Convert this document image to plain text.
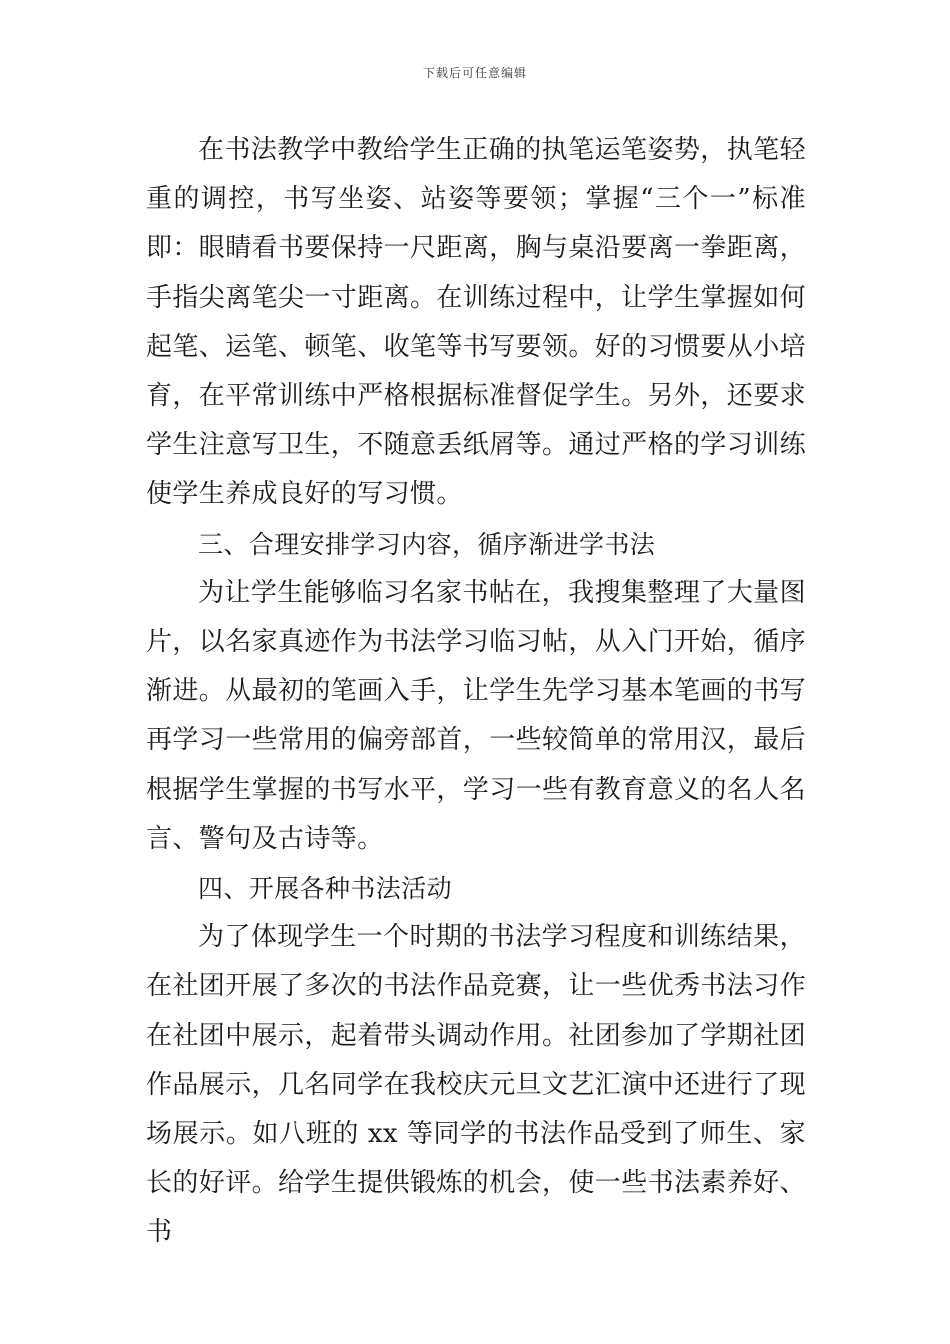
下载后可任意编辑

在书法教学中教给学生正确的执笔运笔姿势，执笔轻重的调控，书写坐姿、站姿等要领；掌握“三个一”标准即：眼睛看书要保持一尺距离，胸与桌沿要离一拳距离，手指尖离笔尖一寸距离。在训练过程中，让学生掌握如何起笔、运笔、顿笔、收笔等书写要领。好的习惯要从小培育，在平常训练中严格根据标准督促学生。另外，还要求学生注意写卫生，不随意丢纸屑等。通过严格的学习训练使学生养成良好的写习惯。

三、合理安排学习内容，循序渐进学书法

为让学生能够临习名家书帖在，我搜集整理了大量图片，以名家真迹作为书法学习临习帖，从入门开始，循序渐进。从最初的笔画入手，让学生先学习基本笔画的书写再学习一些常用的偏旁部首，一些较简单的常用汉，最后根据学生掌握的书写水平，学习一些有教育意义的名人名言、警句及古诗等。

四、开展各种书法活动

为了体现学生一个时期的书法学习程度和训练结果，在社团开展了多次的书法作品竞赛，让一些优秀书法习作在社团中展示，起着带头调动作用。社团参加了学期社团作品展示，几名同学在我校庆元旦文艺汇演中还进行了现场展示。如八班的 xx 等同学的书法作品受到了师生、家长的好评。给学生提供锻炼的机会，使一些书法素养好、书
